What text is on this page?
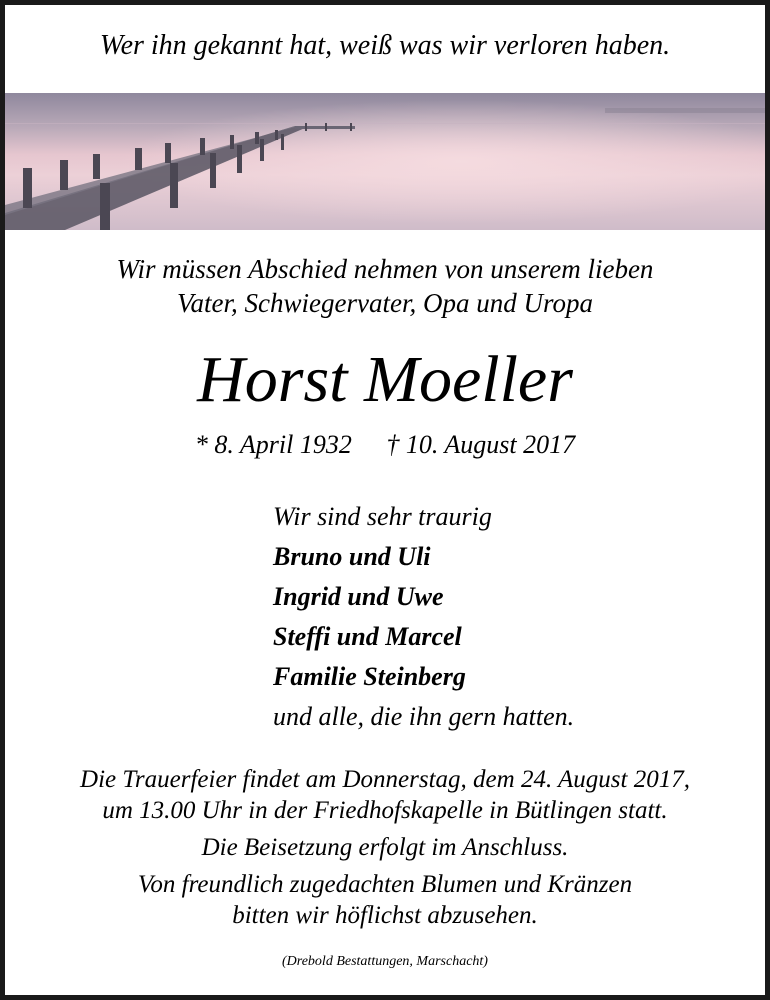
Wer ihn gekannt hat, weiß was wir verloren haben.
Wir müssen Abschied nehmen von unserem lieben
Vater, Schwiegervater, Opa und Uropa
Horst Moeller
* 8. April 1932 † 10. August 2017
Wir sind sehr traurig
Bruno und Uli
Ingrid und Uwe
Steffi und Marcel
Familie Steinberg
und alle, die ihn gern hatten.
Die Trauerfeier findet am Donnerstag, dem 24. August 2017,
um 13.00 Uhr in der Friedhofskapelle in Bütlingen statt.
Die Beisetzung erfolgt im Anschluss.
Von freundlich zugedachten Blumen und Kränzen
bitten wir höflichst abzusehen.
(Drebold Bestattungen, Marschacht)
